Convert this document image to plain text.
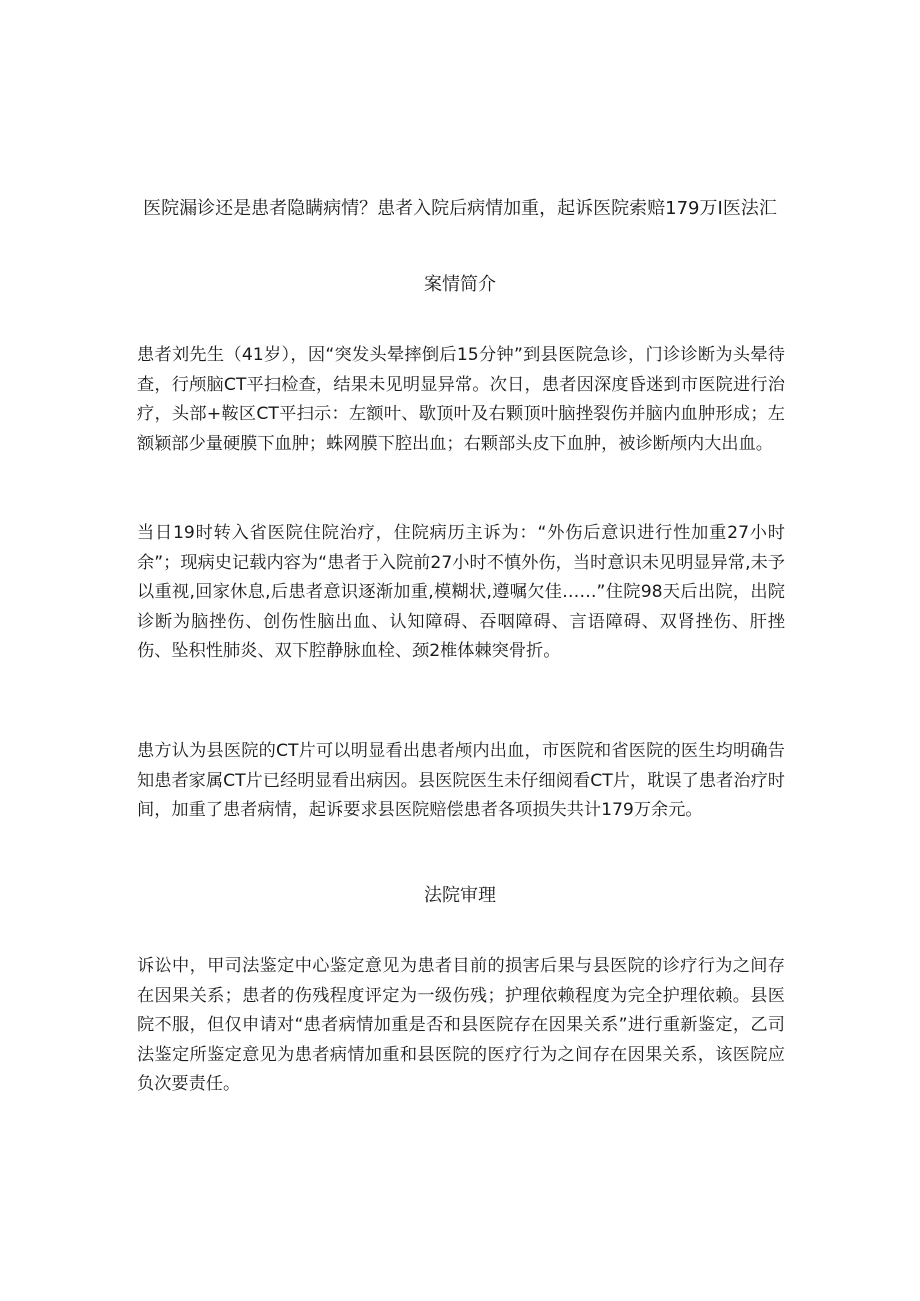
医院漏诊还是患者隐瞒病情？患者入院后病情加重，起诉医院索赔179万I医法汇
案情简介

患者刘先生（41岁），因“突发头晕摔倒后15分钟”到县医院急诊，门诊诊断为头晕待查，行颅脑CT平扫检查，结果未见明显异常。次日，患者因深度昏迷到市医院进行治疗，头部+鞍区CT平扫示：左额叶、歇顶叶及右颗顶叶脑挫裂伤并脑内血肿形成；左额颖部少量硬膜下血肿；蛛网膜下腔出血；右颗部头皮下血肿，被诊断颅内大出血。

当日19时转入省医院住院治疗，住院病历主诉为：“外伤后意识进行性加重27小时余”；现病史记载内容为“患者于入院前27小时不慎外伤，当时意识未见明显异常,未予以重视,回家休息,后患者意识逐渐加重,模糊状,遵嘱欠佳……”住院98天后出院，出院诊断为脑挫伤、创伤性脑出血、认知障碍、吞咽障碍、言语障碍、双肾挫伤、肝挫伤、坠积性肺炎、双下腔静脉血栓、颈2椎体棘突骨折。

患方认为县医院的CT片可以明显看出患者颅内出血，市医院和省医院的医生均明确告知患者家属CT片已经明显看出病因。县医院医生未仔细阅看CT片，耽误了患者治疗时间，加重了患者病情，起诉要求县医院赔偿患者各项损失共计179万余元。

法院审理

诉讼中，甲司法鉴定中心鉴定意见为患者目前的损害后果与县医院的诊疗行为之间存在因果关系；患者的伤残程度评定为一级伤残；护理依赖程度为完全护理依赖。县医院不服，但仅申请对“患者病情加重是否和县医院存在因果关系”进行重新鉴定，乙司法鉴定所鉴定意见为患者病情加重和县医院的医疗行为之间存在因果关系，该医院应负次要责任。
